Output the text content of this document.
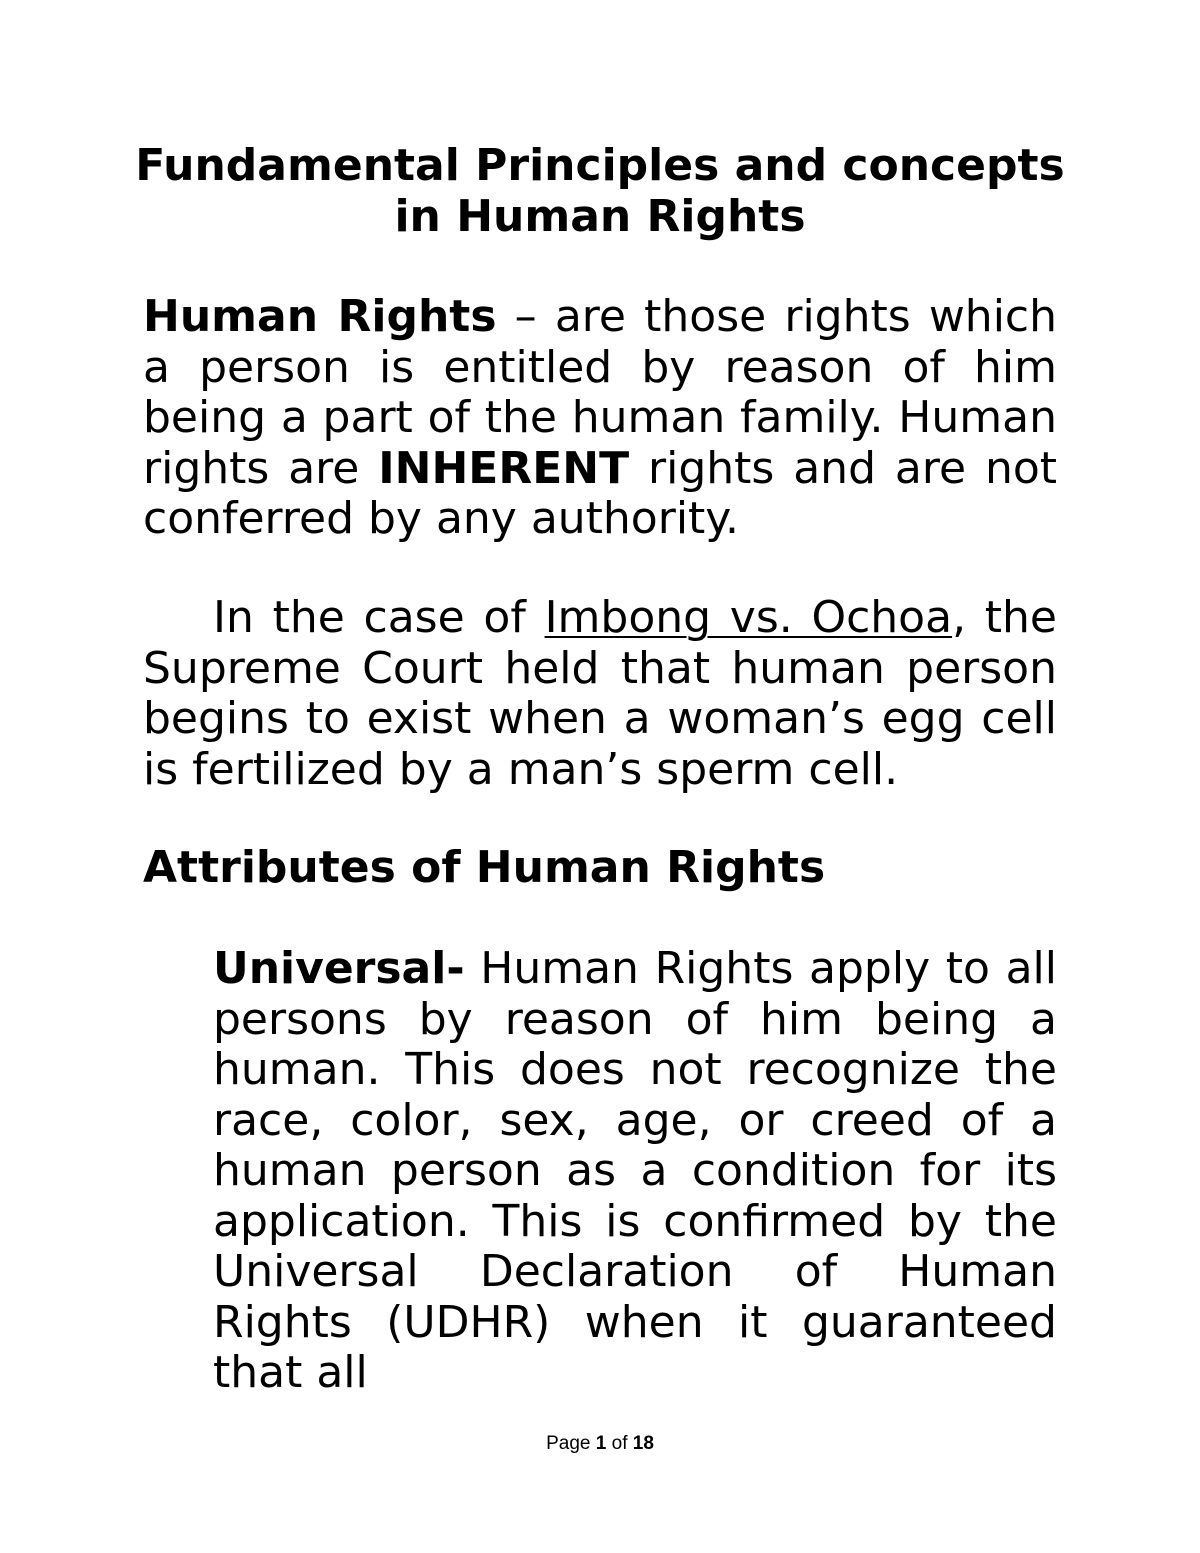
Fundamental Principles and concepts
in Human Rights

Human Rights – are those rights which a person is entitled by reason of him being a part of the human family. Human rights are INHERENT rights and are not conferred by any authority.

In the case of Imbong vs. Ochoa, the Supreme Court held that human person begins to exist when a woman’s egg cell is fertilized by a man’s sperm cell.

Attributes of Human Rights

Universal- Human Rights apply to all persons by reason of him being a human. This does not recognize the race, color, sex, age, or creed of a human person as a condition for its application. This is confirmed by the Universal Declaration of Human Rights (UDHR) when it guaranteed that all

Page 1 of 18
